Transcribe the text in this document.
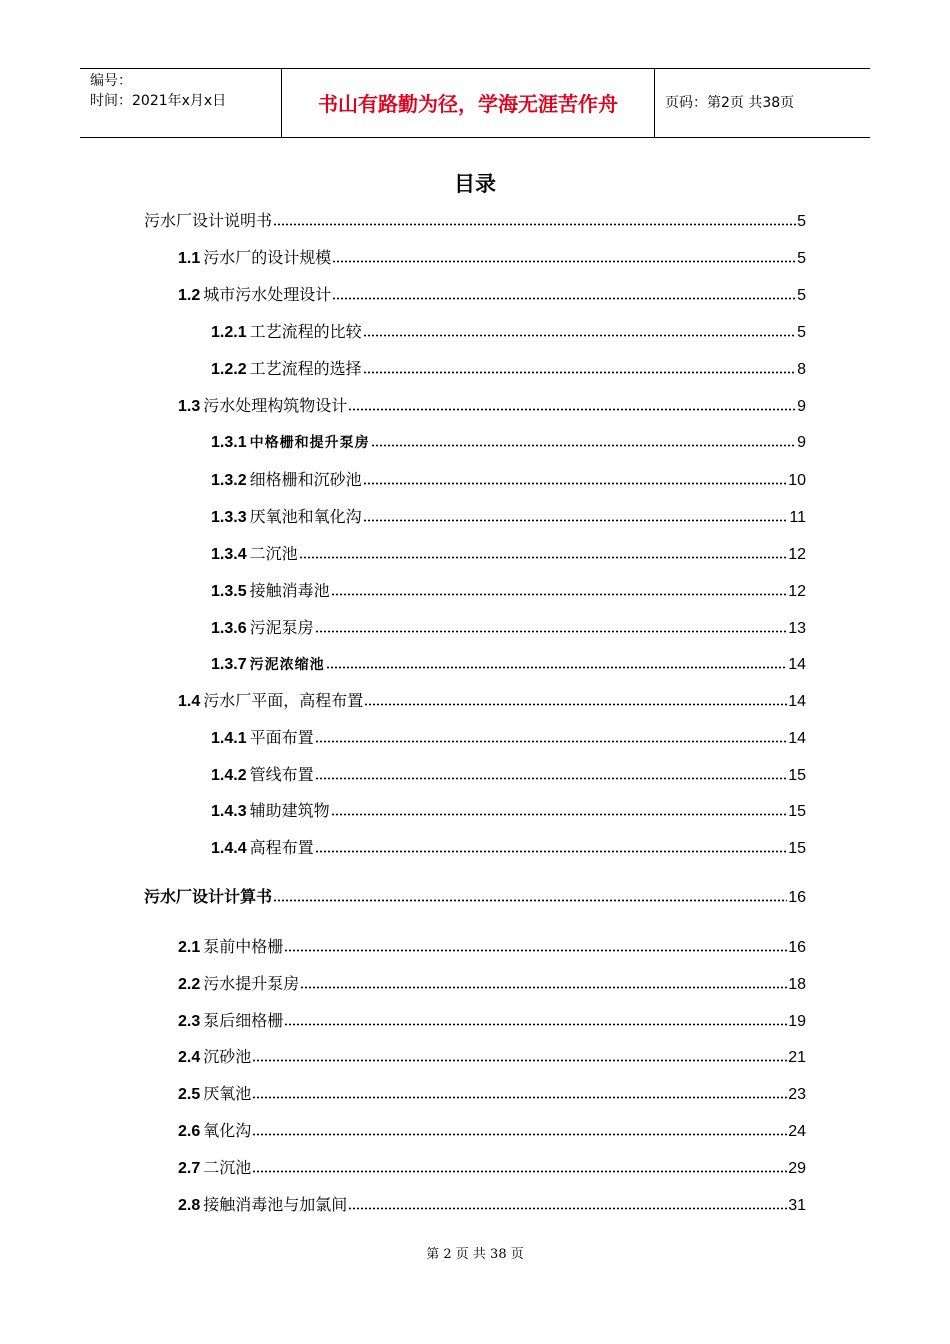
编号：
时间：2021年x月x日	书山有路勤为径，学海无涯苦作舟	页码：第2页 共38页
目录
污水厂设计说明书	5
1.1 污水厂的设计规模	5
1.2 城市污水处理设计	5
1.2.1 工艺流程的比较	5
1.2.2 工艺流程的选择	8
1.3 污水处理构筑物设计	9
1.3.1 中格栅和提升泵房	9
1.3.2 细格栅和沉砂池	10
1.3.3 厌氧池和氧化沟	11
1.3.4 二沉池	12
1.3.5 接触消毒池	12
1.3.6 污泥泵房	13
1.3.7 污泥浓缩池	14
1.4 污水厂平面，高程布置	14
1.4.1 平面布置	14
1.4.2 管线布置	15
1.4.3 辅助建筑物	15
1.4.4 高程布置	15
污水厂设计计算书	16
2.1 泵前中格栅	16
2.2 污水提升泵房	18
2.3 泵后细格栅	19
2.4 沉砂池	21
2.5 厌氧池	23
2.6 氧化沟	24
2.7 二沉池	29
2.8 接触消毒池与加氯间	31
第 2 页 共 38 页
